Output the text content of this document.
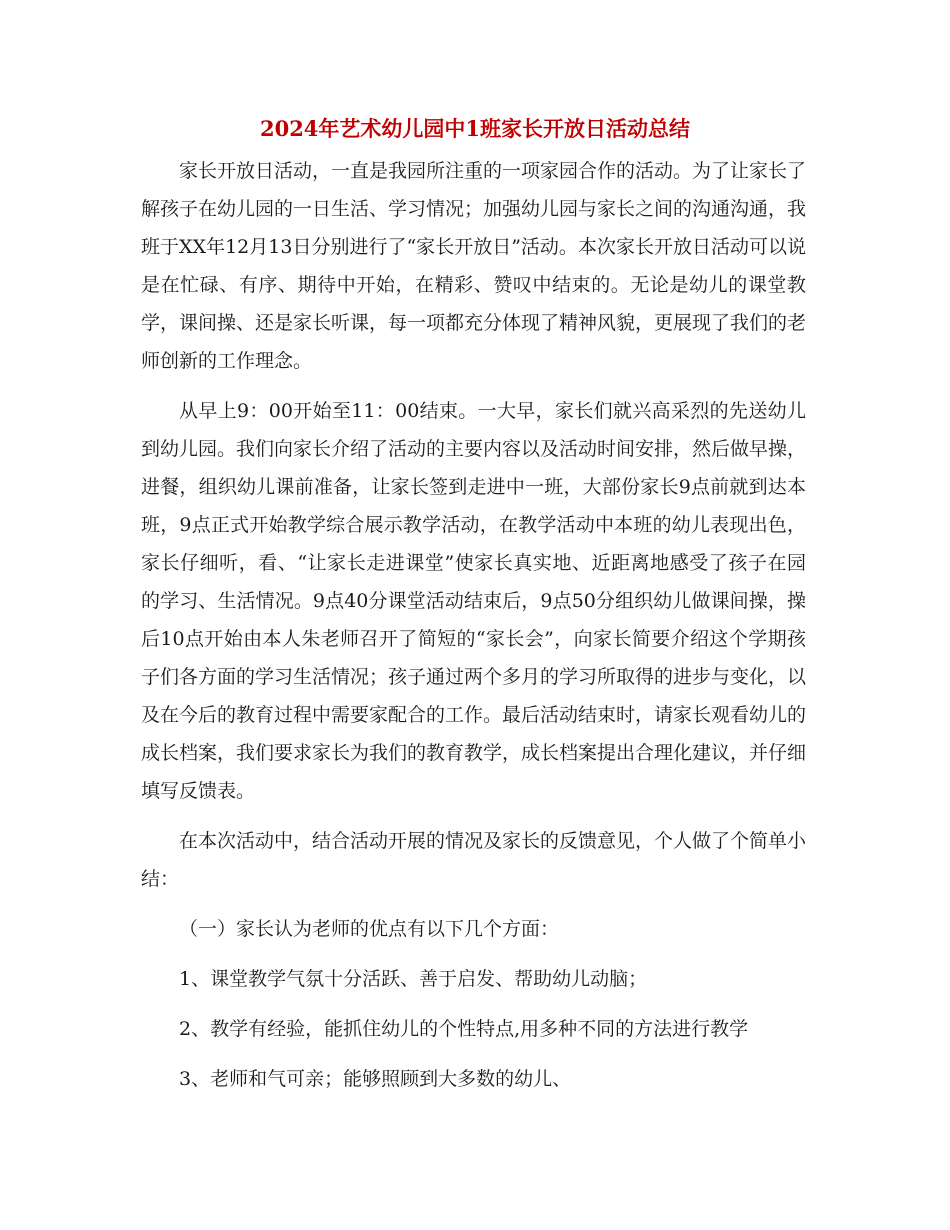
2024年艺术幼儿园中1班家长开放日活动总结

家长开放日活动，一直是我园所注重的一项家园合作的活动。为了让家长了解孩子在幼儿园的一日生活、学习情况；加强幼儿园与家长之间的沟通沟通，我班于XX年12月13日分别进行了“家长开放日”活动。本次家长开放日活动可以说是在忙碌、有序、期待中开始，在精彩、赞叹中结束的。无论是幼儿的课堂教学，课间操、还是家长听课，每一项都充分体现了精神风貌，更展现了我们的老师创新的工作理念。

从早上9：00开始至11：00结束。一大早，家长们就兴高采烈的先送幼儿到幼儿园。我们向家长介绍了活动的主要内容以及活动时间安排，然后做早操，进餐，组织幼儿课前准备，让家长签到走进中一班，大部份家长9点前就到达本班，9点正式开始教学综合展示教学活动，在教学活动中本班的幼儿表现出色，家长仔细听，看、“让家长走进课堂”使家长真实地、近距离地感受了孩子在园的学习、生活情况。9点40分课堂活动结束后，9点50分组织幼儿做课间操，操后10点开始由本人朱老师召开了简短的“家长会”，向家长简要介绍这个学期孩子们各方面的学习生活情况；孩子通过两个多月的学习所取得的进步与变化，以及在今后的教育过程中需要家配合的工作。最后活动结束时，请家长观看幼儿的成长档案，我们要求家长为我们的教育教学，成长档案提出合理化建议，并仔细填写反馈表。

在本次活动中，结合活动开展的情况及家长的反馈意见，个人做了个简单小结：

（一）家长认为老师的优点有以下几个方面：

1、课堂教学气氛十分活跃、善于启发、帮助幼儿动脑；

2、教学有经验，能抓住幼儿的个性特点,用多种不同的方法进行教学

3、老师和气可亲；能够照顾到大多数的幼儿、
